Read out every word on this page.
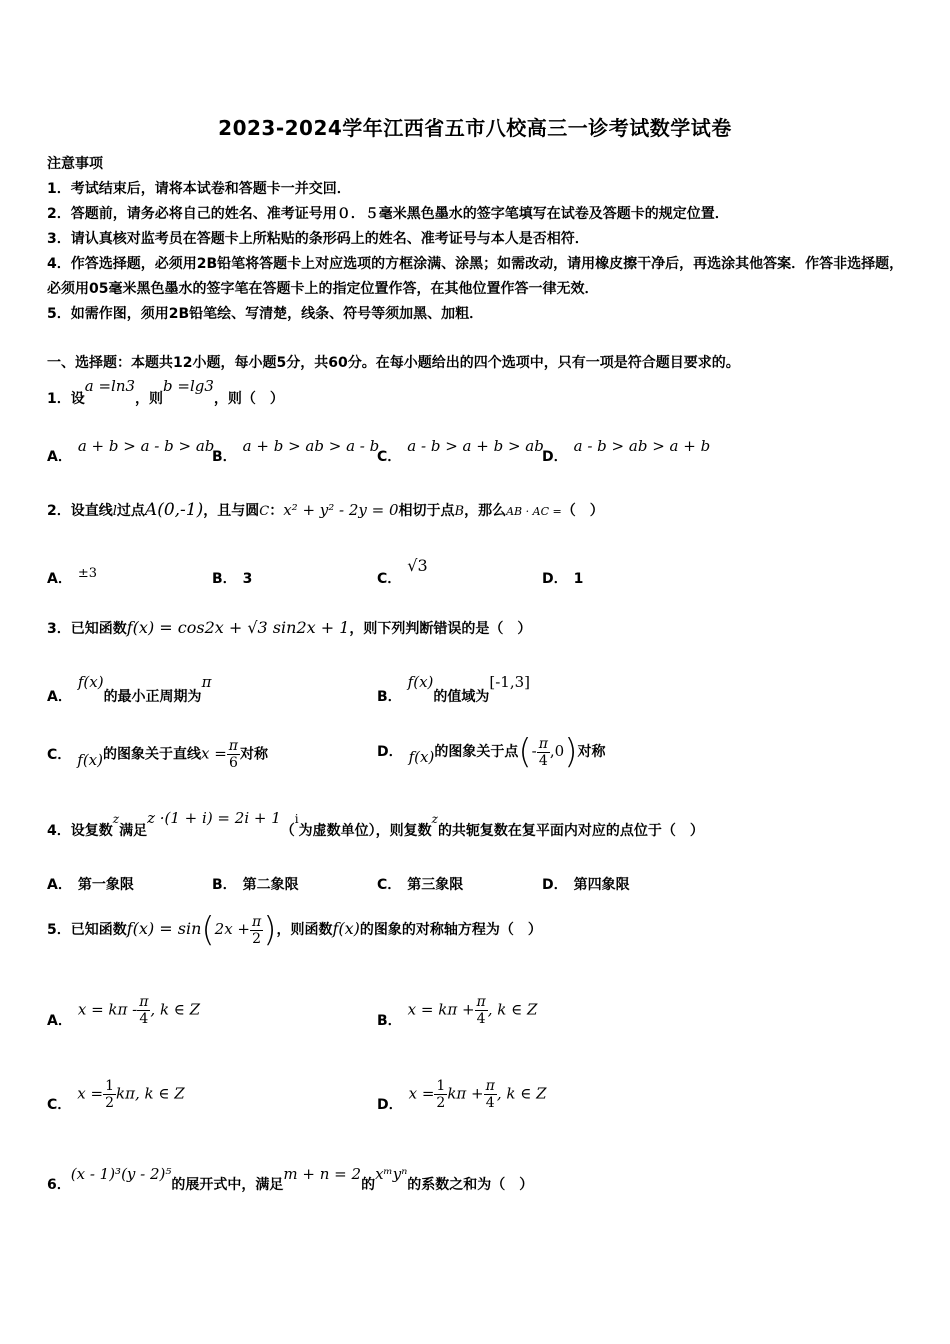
2023-2024学年江西省五市八校高三一诊考试数学试卷
注意事项
1．考试结束后，请将本试卷和答题卡一并交回．
2．答题前，请务必将自己的姓名、准考证号用０．５毫米黑色墨水的签字笔填写在试卷及答题卡的规定位置．
3．请认真核对监考员在答题卡上所粘贴的条形码上的姓名、准考证号与本人是否相符．
4．作答选择题，必须用2B铅笔将答题卡上对应选项的方框涂满、涂黑；如需改动，请用橡皮擦干净后，再选涂其他答案．作答非选择题，必须用05毫米黑色墨水的签字笔在答题卡上的指定位置作答，在其他位置作答一律无效．
5．如需作图，须用2B铅笔绘、写清楚，线条、符号等须加黑、加粗．
一、选择题：本题共12小题，每小题5分，共60分。在每小题给出的四个选项中，只有一项是符合题目要求的。
1．设a =ln3，则b =lg3，则（　）
A．a + b > a - b > ab
B．a + b > ab > a - b
C．a - b > a + b > ab
D．a - b > ab > a + b
2．设直线l过点A(0,-1)，且与圆C：x² + y² - 2y = 0相切于点B，那么AB · AC =（　）
A． ±3	B． 3	C．√3
D． 1
3．已知函数f(x) = cos2x + √3 sin2x + 1，则下列判断错误的是（　）
A．f(x)的最小正周期为π
B．f(x)的值域为[-1,3]
C． f(x)的图象关于直线$x = \frac{\pi}{6}$ 对称	D． f(x)的图象关于点(- $\frac{\pi}{4} ,0$)对称
4．设复数z满足z ·(1 + i) = 2i + 1（i为虚数单位），则复数z的共轭复数在复平面内对应的点位于（　）
A． 第一象限	B． 第二象限	C． 第三象限	D． 第四象限
5．已知函数$f(x) = \sin(2x + \frac{\pi}{2}$ )，则函数f(x)的图象的对称轴方程为（　）
A．$x = k\pi - \frac{\pi}{4}$ , k ∈ Z
B．$x = k\pi + \frac{\pi}{4}$ , k ∈ Z
C．$x = \frac{1}{2} k\pi$, k ∈ Z
D．$x = \frac{1}{2}$ $k\pi + \frac{\pi}{4}$ , k ∈ Z
6．(x - 1)³(y - 2)⁵的展开式中，满足m + n = 2的xᵐyⁿ的系数之和为（　）
